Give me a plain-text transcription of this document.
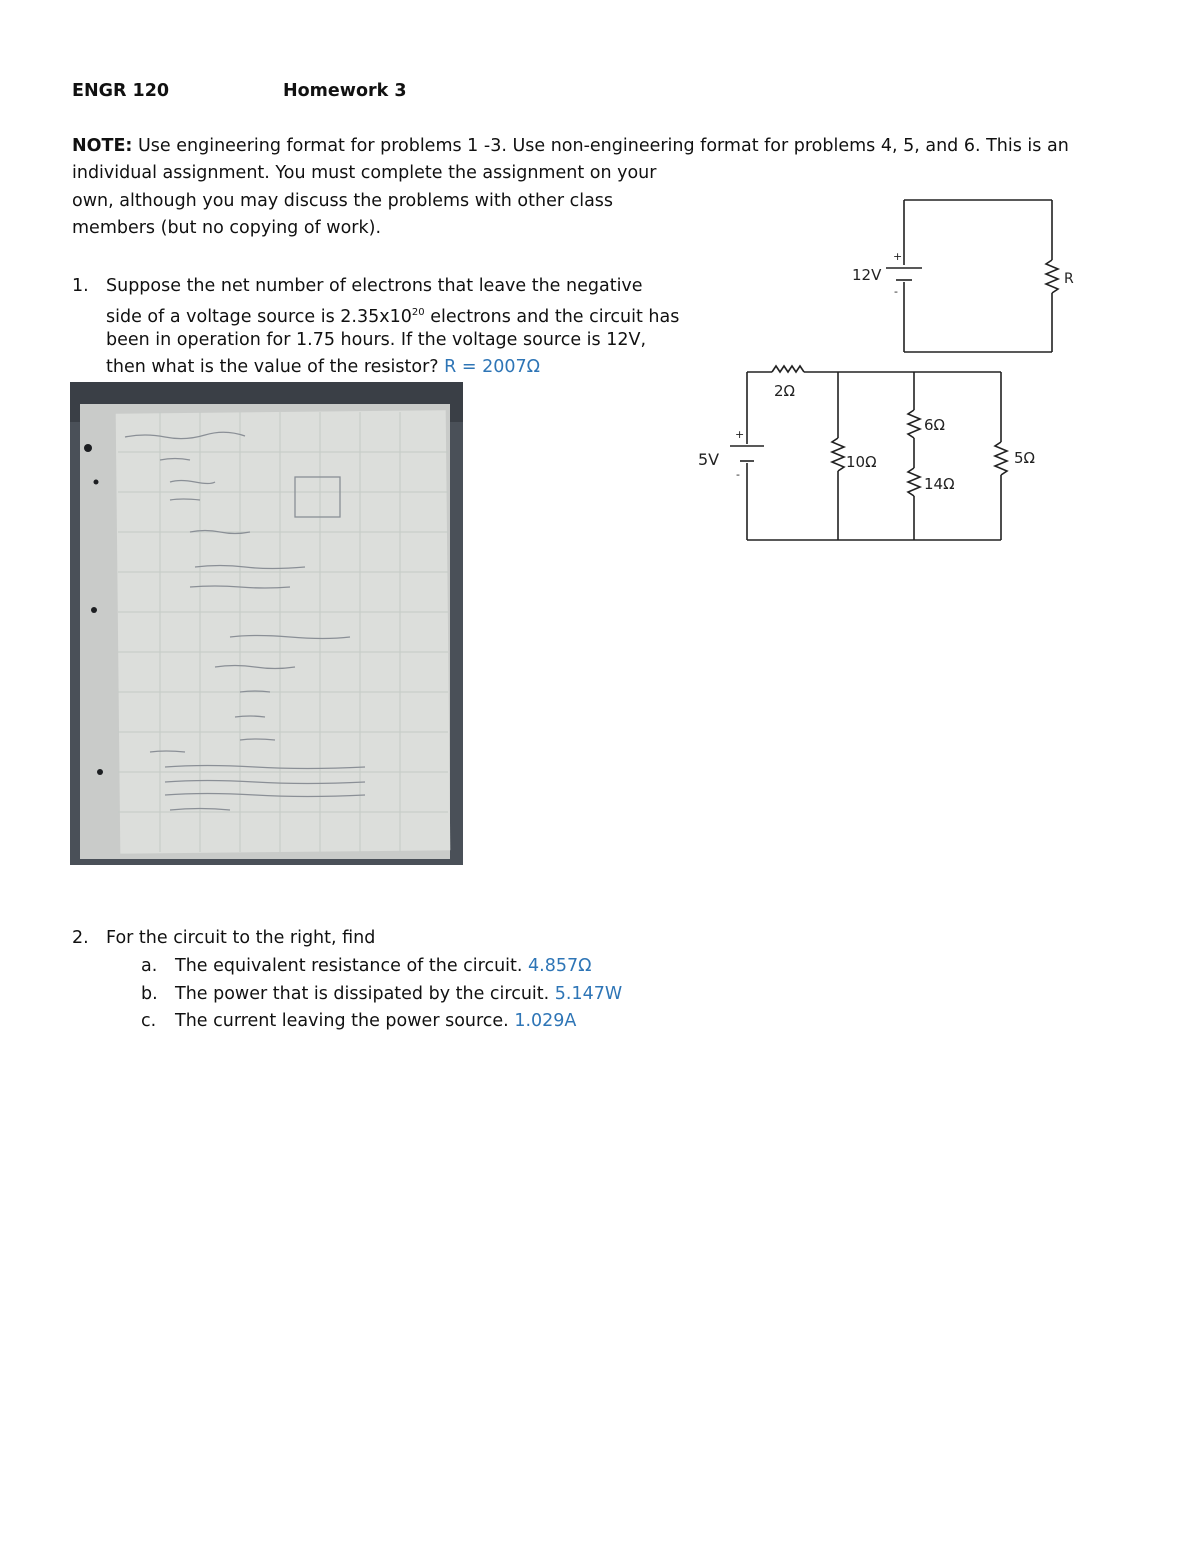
ENGR 120	Homework 3
NOTE: Use engineering format for problems 1 -3. Use non-engineering format for problems 4, 5, and 6. This is an
individual assignment. You must complete the assignment on your
own, although you may discuss the problems with other class
members (but no copying of work).
1. Suppose the net number of electrons that leave the negative
side of a voltage source is $2.35x10^{20}$ electrons and the circuit has
been in operation for 1.75 hours. If the voltage source is 12V,
then what is the value of the resistor? R = 2007Ω
12V
+
-
R
5V
+
-
2Ω
10Ω
6Ω
14Ω
5Ω
2. For the circuit to the right, find
a. The equivalent resistance of the circuit. 4.857Ω
b. The power that is dissipated by the circuit. 5.147W
c. The current leaving the power source. 1.029A
